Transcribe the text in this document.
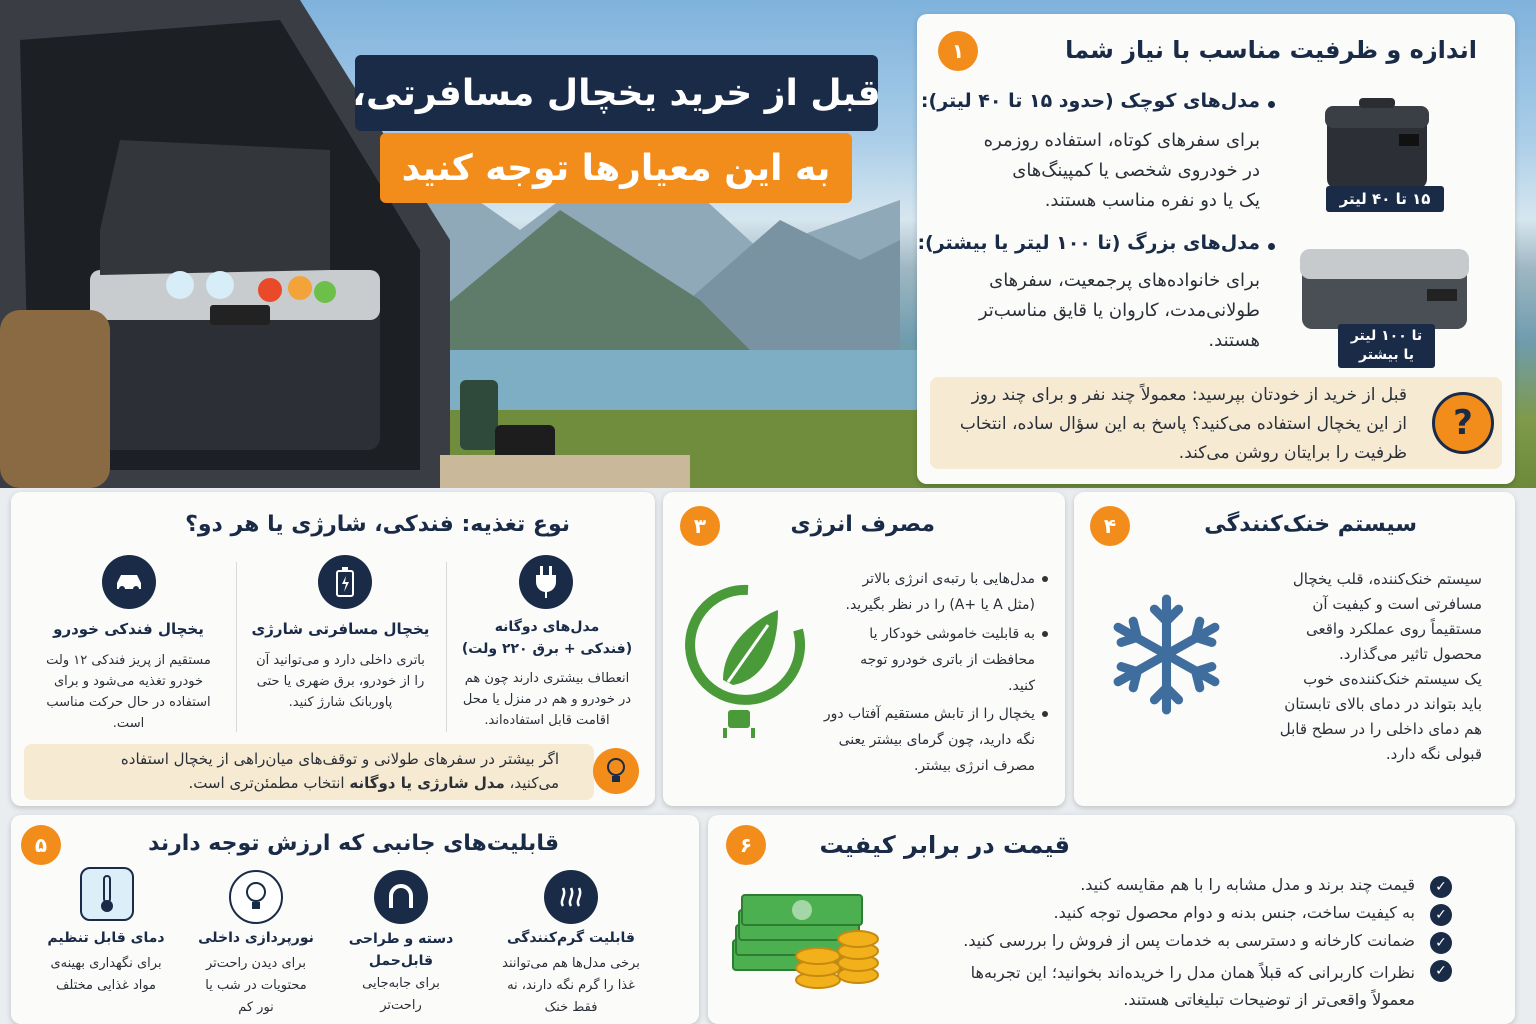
قبل از خرید یخچال مسافرتی،
به این معیارها توجه کنید
۱	اندازه و ظرفیت مناسب با نیاز شما
مدل‌های کوچک (حدود ۱۵ تا ۴۰ لیتر):
برای سفرهای کوتاه، استفاده روزمره
در خودروی شخصی یا کمپینگ‌های
یک یا دو نفره مناسب هستند.	۱۵ تا ۴۰ لیتر
مدل‌های بزرگ (تا ۱۰۰ لیتر یا بیشتر):
برای خانواده‌های پرجمعیت، سفرهای
طولانی‌مدت، کاروان یا قایق مناسب‌تر
هستند.	تا ۱۰۰ لیتر
یا بیشتر
قبل از خرید از خودتان بپرسید: معمولاً چند نفر و برای چند روز
از این یخچال استفاده می‌کنید؟ پاسخ به این سؤال ساده، انتخاب
ظرفیت را برایتان روشن می‌کند.
?
نوع تغذیه: فندکی، شارژی یا هر دو؟
یخچال فندکی خودرو
مستقیم از پریز فندکی ۱۲ ولت
خودرو تغذیه می‌شود و برای
استفاده در حال حرکت مناسب
است.
یخچال مسافرتی شارژی
باتری داخلی دارد و می‌توانید آن
را از خودرو، برق ضهری یا حتی
پاوربانک شارژ کنید.
مدل‌های دوگانه
(فندکی + برق ۲۲۰ ولت)
انعطاف بیشتری دارند چون هم
در خودرو و هم در منزل یا محل
اقامت قابل استفاده‌اند.
اگر بیشتر در سفرهای طولانی و توقف‌های میان‌راهی از یخچال استفاده
می‌کنید، مدل شارژی یا دوگانه انتخاب مطمئن‌تری است.
۳	مصرف انرژی
مدل‌هایی با رتبه‌ی انرژی بالاتر
(مثل A یا +A) را در نظر بگیرید.
به قابلیت خاموشی خودکار یا
محافظت از باتری خودرو توجه
کنید.
یخچال را از تابش مستقیم آفتاب دور
نگه دارید، چون گرمای بیشتر یعنی
مصرف انرژی بیشتر.
۴	سیستم خنک‌کنندگی
سیستم خنک‌کننده، قلب یخچال
مسافرتی است و کیفیت آن
مستقیماً روی عملکرد واقعی
محصول تاثیر می‌گذارد.
یک سیستم خنک‌کننده‌ی خوب
باید بتواند در دمای بالای تابستان
هم دمای داخلی را در سطح قابل
قبولی نگه دارد.
۵	قابلیت‌های جانبی که ارزش توجه دارند
دمای قابل تنظیم
برای نگهداری بهینه‌ی
مواد غذایی مختلف
نورپردازی داخلی
برای دیدن راحت‌تر
محتویات در شب یا
نور کم
دسته و طراحی
قابل‌حمل
برای جابه‌جایی
راحت‌تر
قابلیت گرم‌کنندگی
برخی مدل‌ها هم می‌توانند
غذا را گرم نگه دارند، نه
فقط خنک
۶	قیمت در برابر کیفیت
✓
قیمت چند برند و مدل مشابه را با هم مقایسه کنید.
✓
به کیفیت ساخت، جنس بدنه و دوام محصول توجه کنید.
✓
ضمانت کارخانه و دسترسی به خدمات پس از فروش را بررسی کنید.
✓
نظرات کاربرانی که قبلاً همان مدل را خریده‌اند بخوانید؛ این تجربه‌ها
معمولاً واقعی‌تر از توضیحات تبلیغاتی هستند.
